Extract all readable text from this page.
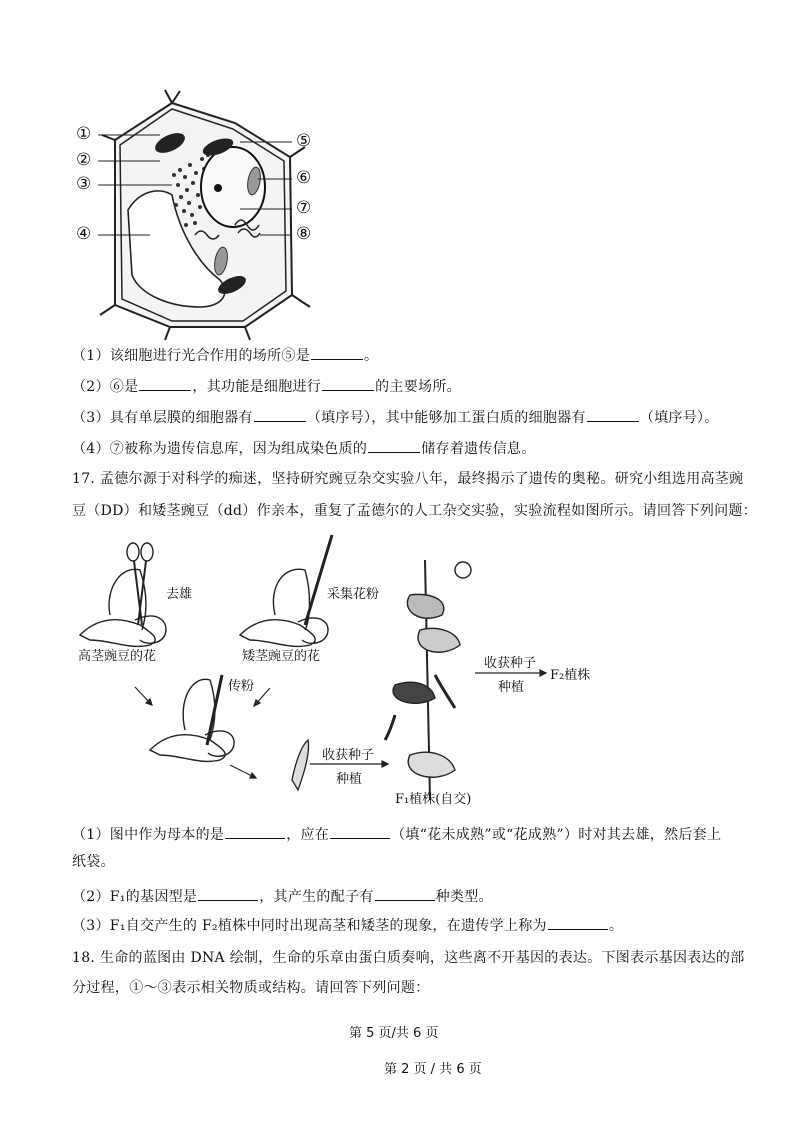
①
②
③
④
⑤
⑥
⑦
⑧
（1）该细胞进行光合作用的场所⑤是	。
（2）⑥是	，其功能是细胞进行	的主要场所。
（3）具有单层膜的细胞器有	（填序号），其中能够加工蛋白质的细胞器有	（填序号）。
（4）⑦被称为遗传信息库，因为组成染色质的	储存着遗传信息。
17. 孟德尔源于对科学的痴迷，坚持研究豌豆杂交实验八年，最终揭示了遗传的奥秘。研究小组选用高茎豌
豆（DD）和矮茎豌豆（dd）作亲本，重复了孟德尔的人工杂交实验，实验流程如图所示。请回答下列问题：
去雄
高茎豌豆的花
采集花粉
矮茎豌豆的花
传粉
收获种子
种植
收获种子
种植
F₂植株
F₁植株(自交)
（1）图中作为母本的是	，应在	（填“花未成熟”或“花成熟”）时对其去雄，然后套上
纸袋。
（2）F₁的基因型是	，其产生的配子有	种类型。
（3）F₁自交产生的 F₂植株中同时出现高茎和矮茎的现象，在遗传学上称为	。
18. 生命的蓝图由 DNA 绘制，生命的乐章由蛋白质奏响，这些离不开基因的表达。下图表示基因表达的部
分过程，①～③表示相关物质或结构。请回答下列问题：
第 5 页/共 6 页
第 2 页 / 共 6 页
